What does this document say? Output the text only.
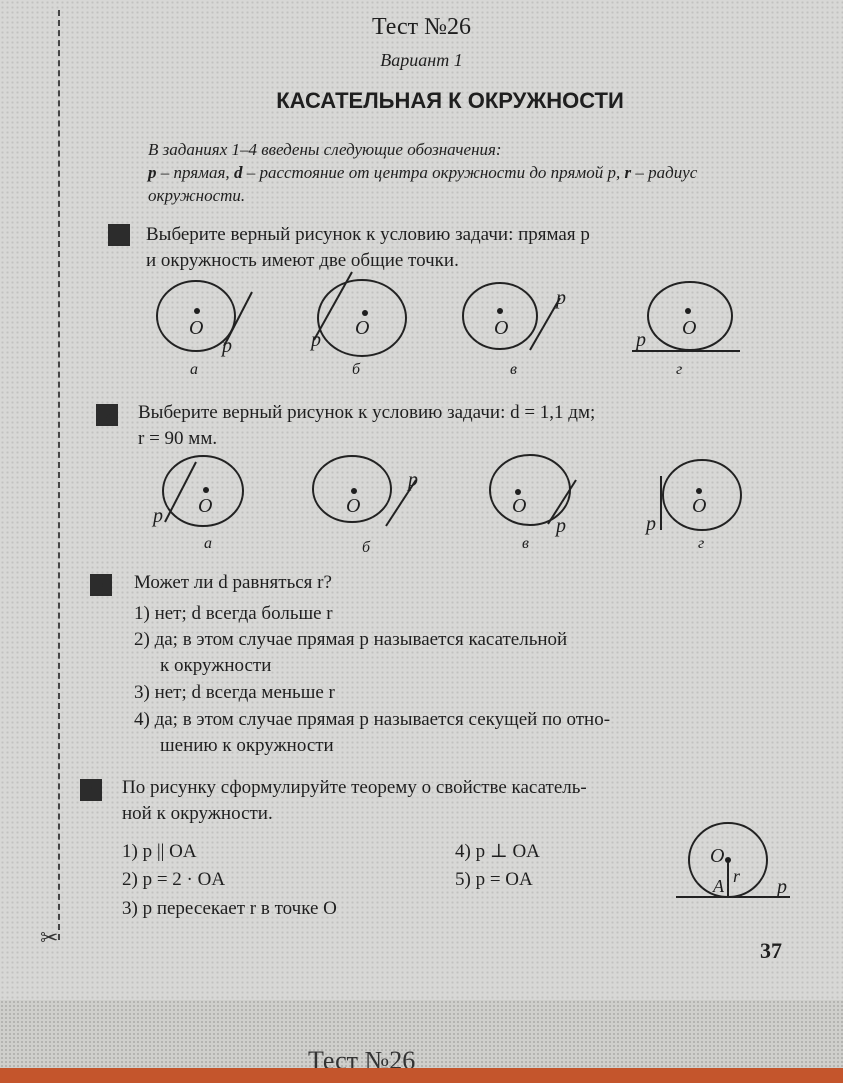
Тест №26
Тест №26
Вариант 1
КАСАТЕЛЬНАЯ К ОКРУЖНОСТИ
В заданиях 1–4 введены следующие обозначения:
p – прямая, d – расстояние от центра окружности до прямой p, r – радиус окружности.
1	Выберите верный рисунок к условию задачи: прямая p
и окружность имеют две общие точки.
2	Выберите верный рисунок к условию задачи: d = 1,1 дм;
r = 90 мм.
3	Может ли d равняться r?
1) нет; d всегда больше r
2) да; в этом случае прямая p называется касательной
к окружности
3) нет; d всегда меньше r
4) да; в этом случае прямая p называется секущей по отно-
шению к окружности
4	По рисунку сформулируйте теорему о свойстве касатель-
ной к окружности.
1) p || OA
2) p = 2 · OA
3) p пересекает r в точке O
4) p ⊥ OA
5) p = OA
O	O	O	O
O	O	O	O
O
p	p
p
p
p
p
p	p
p
A r
а	б	в	г
а	б	в	г
✂
37
